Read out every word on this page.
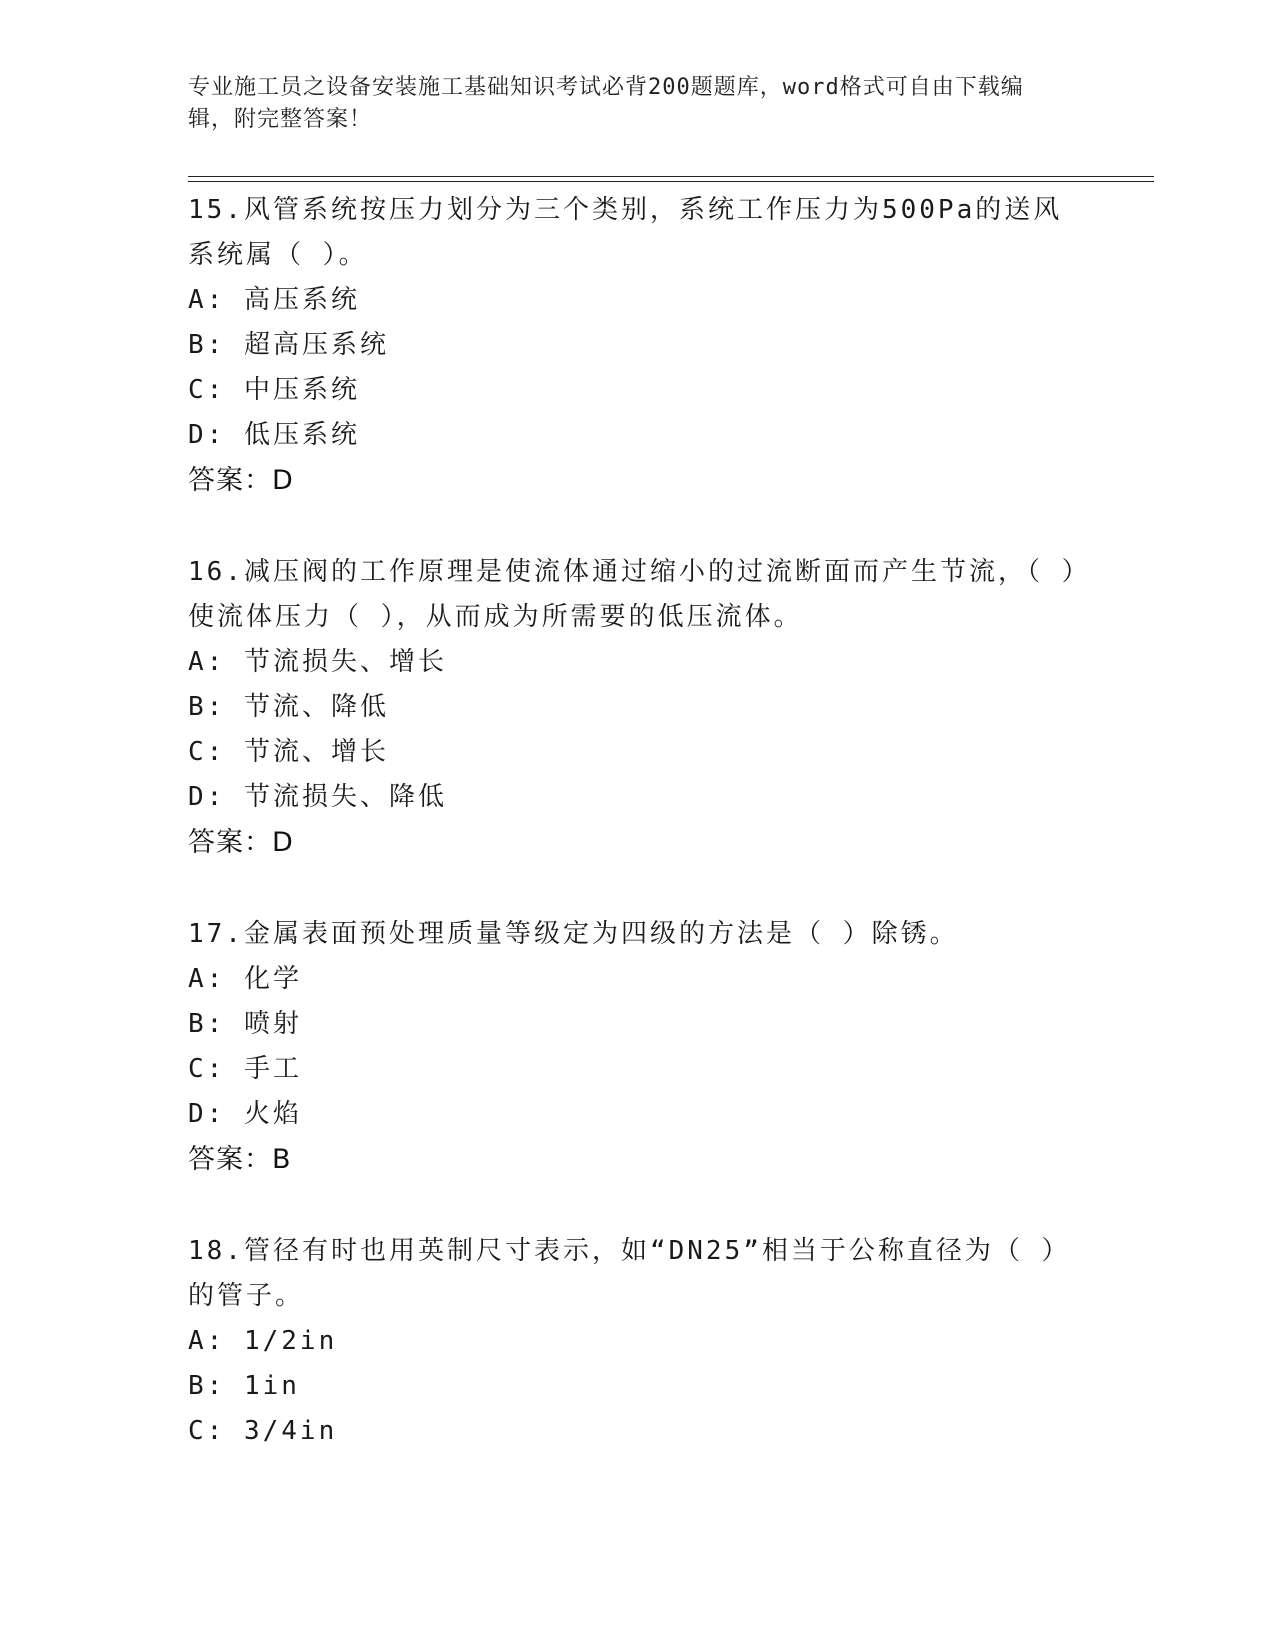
专业施工员之设备安装施工基础知识考试必背200题题库，word格式可自由下载编辑，附完整答案！

15.风管系统按压力划分为三个类别，系统工作压力为500Pa的送风系统属（ ）。

A: 高压系统

B: 超高压系统

C: 中压系统

D: 低压系统

答案：D

16.减压阀的工作原理是使流体通过缩小的过流断面而产生节流，（ ）使流体压力（ ），从而成为所需要的低压流体。

A: 节流损失、增长

B: 节流、降低

C: 节流、增长

D: 节流损失、降低

答案：D

17.金属表面预处理质量等级定为四级的方法是（ ）除锈。

A: 化学

B: 喷射

C: 手工

D: 火焰

答案：B

18.管径有时也用英制尺寸表示，如“DN25”相当于公称直径为（ ）的管子。

A: 1/2in

B: 1in

C: 3/4in
